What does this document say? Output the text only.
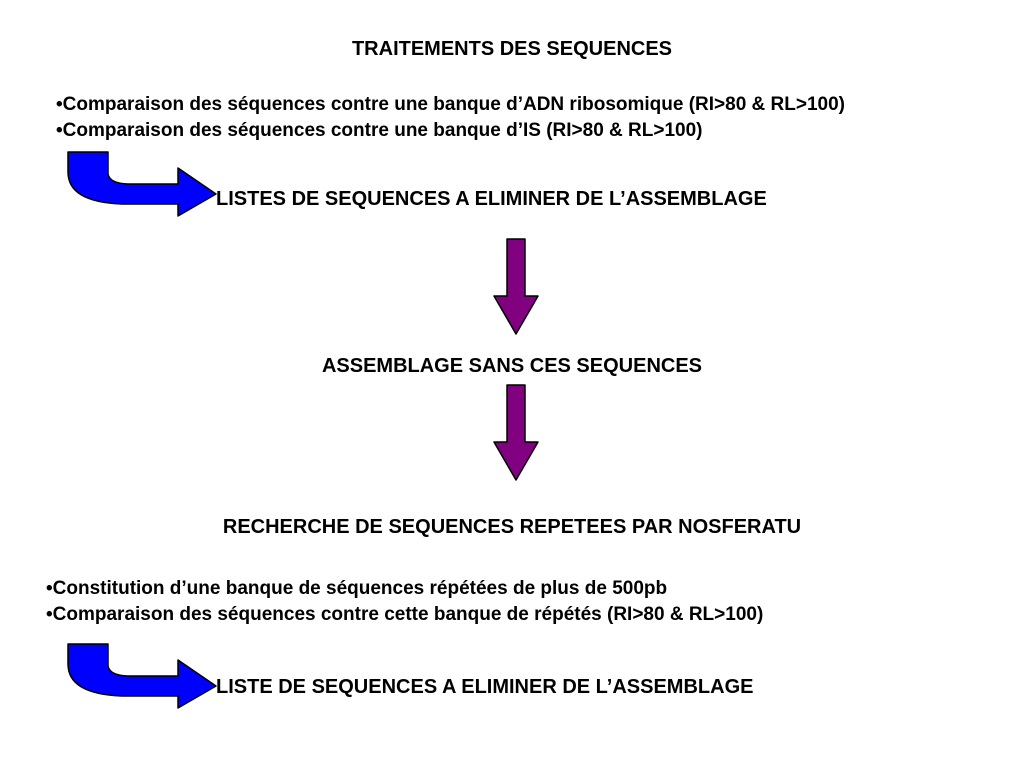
TRAITEMENTS DES SEQUENCES
• Comparaison des séquences contre une banque d’ADN ribosomique (RI>80 & RL>100)
• Comparaison des séquences contre une banque d’IS (RI>80 & RL>100)
LISTES DE SEQUENCES A ELIMINER DE L’ASSEMBLAGE
ASSEMBLAGE SANS CES SEQUENCES
RECHERCHE DE SEQUENCES REPETEES PAR NOSFERATU
• Constitution d’une banque de séquences répétées de plus de 500pb
• Comparaison des séquences contre cette banque de répétés (RI>80 & RL>100)
LISTE DE SEQUENCES A ELIMINER DE L’ASSEMBLAGE
